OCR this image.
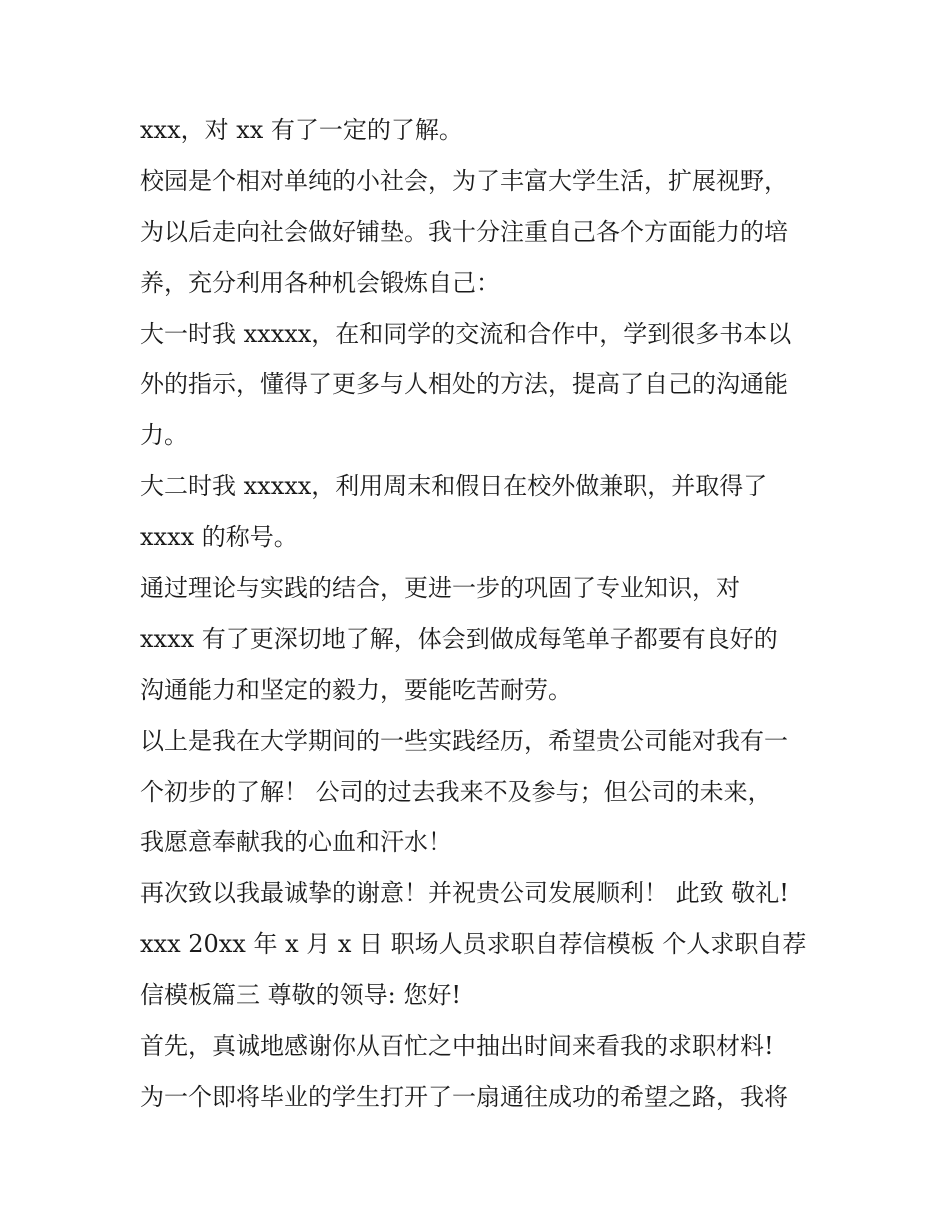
xxx，对 xx 有了一定的了解。
校园是个相对单纯的小社会，为了丰富大学生活，扩展视野，
为以后走向社会做好铺垫。我十分注重自己各个方面能力的培
养，充分利用各种机会锻炼自己：
大一时我 xxxxx，在和同学的交流和合作中，学到很多书本以
外的指示，懂得了更多与人相处的方法，提高了自己的沟通能
力。
大二时我 xxxxx，利用周末和假日在校外做兼职，并取得了
xxxx 的称号。
通过理论与实践的结合，更进一步的巩固了专业知识，对
xxxx 有了更深切地了解，体会到做成每笔单子都要有良好的
沟通能力和坚定的毅力，要能吃苦耐劳。
以上是我在大学期间的一些实践经历，希望贵公司能对我有一
个初步的了解！ 公司的过去我来不及参与；但公司的未来，
我愿意奉献我的心血和汗水！
再次致以我最诚挚的谢意！并祝贵公司发展顺利！ 此致 敬礼!
xxx 20xx 年 x 月 x 日 职场人员求职自荐信模板 个人求职自荐
信模板篇三 尊敬的领导: 您好!
首先，真诚地感谢你从百忙之中抽出时间来看我的求职材料!
为一个即将毕业的学生打开了一扇通往成功的希望之路，我将
